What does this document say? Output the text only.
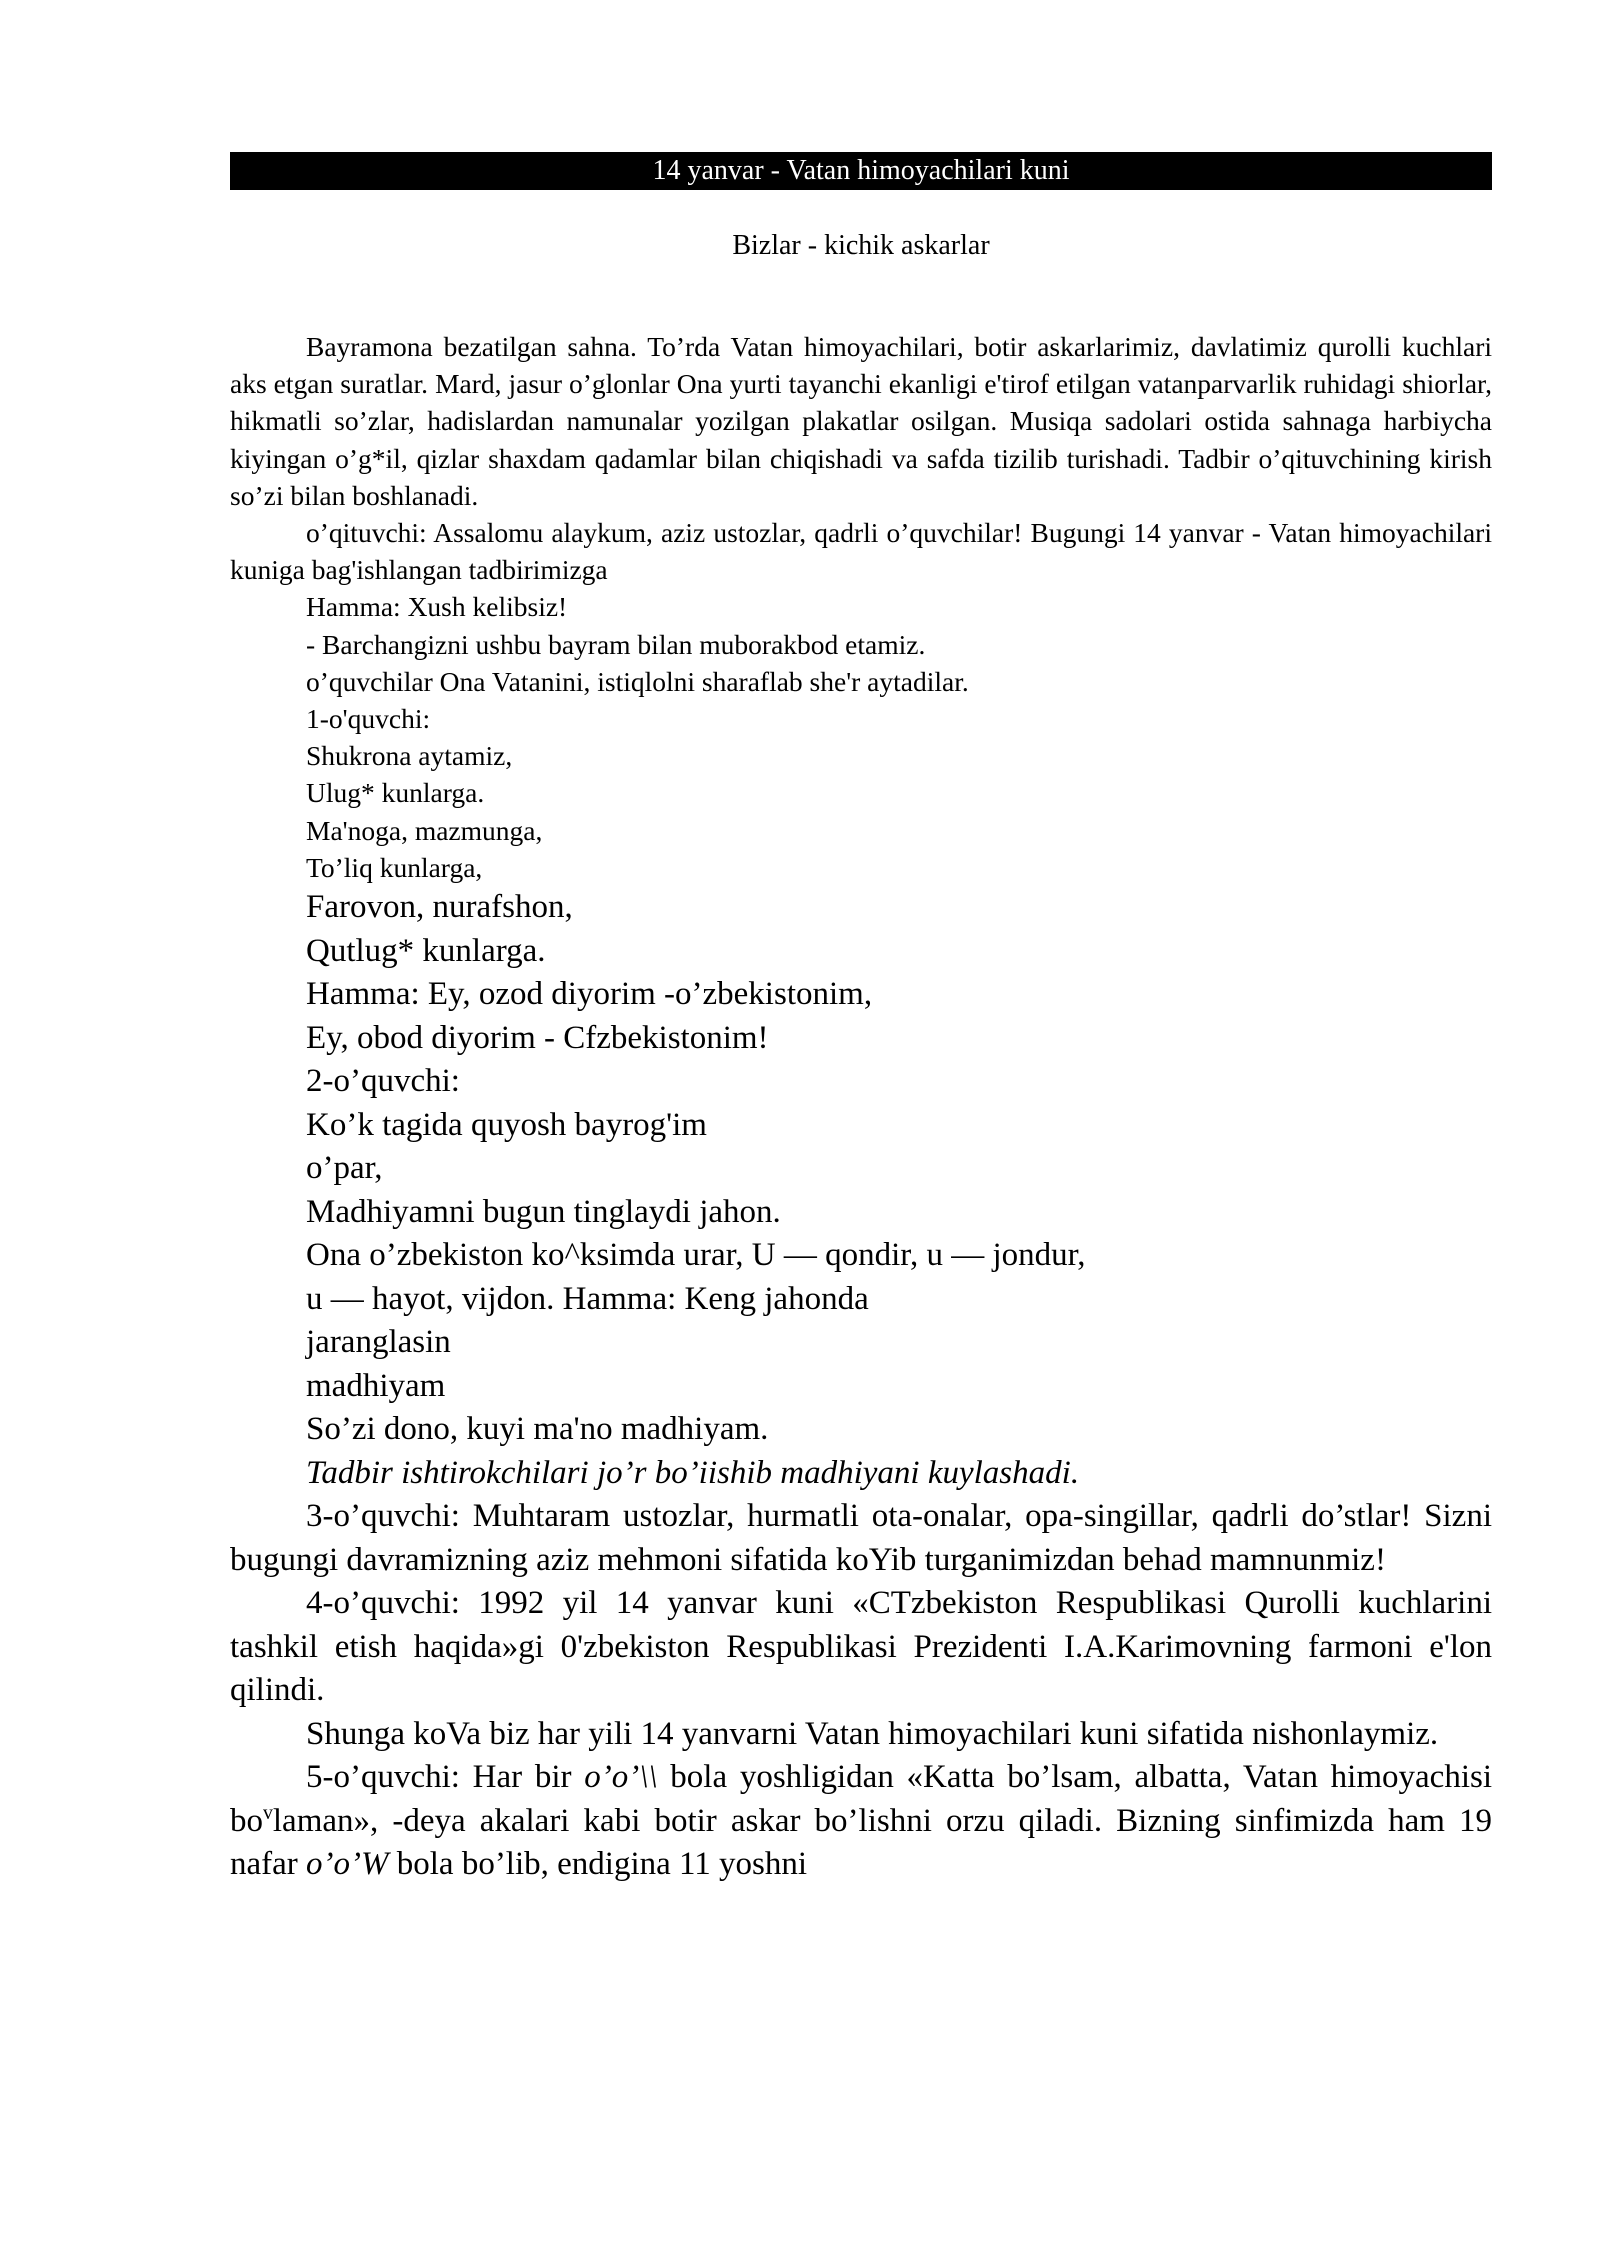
14 yanvar - Vatan himoyachilari kuni
Bizlar - kichik askarlar

Bayramona bezatilgan sahna. To’rda Vatan himoyachilari, botir askarlarimiz, davlatimiz qurolli kuchlari aks etgan suratlar. Mard, jasur o’glonlar Ona yurti tayanchi ekanligi e'tirof etilgan vatanparvarlik ruhidagi shiorlar, hikmatli so’zlar, hadislardan namunalar yozilgan plakatlar osilgan. Musiqa sadolari ostida sahnaga harbiycha kiyingan o’g*il, qizlar shaxdam qadamlar bilan chiqishadi va safda tizilib turishadi. Tadbir o’qituvchining kirish so’zi bilan boshlanadi.

o’qituvchi: Assalomu alaykum, aziz ustozlar, qadrli o’quvchilar! Bugungi 14 yanvar - Vatan himoyachilari kuniga bag'ishlangan tadbirimizga

Hamma: Xush kelibsiz!

- Barchangizni ushbu bayram bilan muborakbod etamiz.

o’quvchilar Ona Vatanini, istiqlolni sharaflab she'r aytadilar.

1-o'quvchi:

Shukrona aytamiz,

Ulug* kunlarga.

Ma'noga, mazmunga,

To’liq kunlarga,

Farovon, nurafshon,

Qutlug* kunlarga.

Hamma: Ey, ozod diyorim -o’zbekistonim,

Ey, obod diyorim - Cfzbekistonim!

2-o’quvchi:

Ko’k tagida quyosh bayrog'im

o’par,

Madhiyamni bugun tinglaydi jahon.

Ona o’zbekiston ko^ksimda urar, U — qondir, u — jondur,

u — hayot, vijdon. Hamma: Keng jahonda

jaranglasin

madhiyam

So’zi dono, kuyi ma'no madhiyam.

Tadbir ishtirokchilari jo’r bo’iishib madhiyani kuylashadi.

3-o’quvchi: Muhtaram ustozlar, hurmatli ota-onalar, opa-singillar, qadrli do’stlar! Sizni bugungi davramizning aziz mehmoni sifatida koYib turganimizdan behad mamnunmiz!

4-o’quvchi: 1992 yil 14 yanvar kuni «CTzbekiston Respublikasi Qurolli kuchlarini tashkil etish haqida»gi 0'zbekiston Respublikasi Prezidenti I.A.Karimovning farmoni e'lon qilindi.

Shunga koVa biz har yili 14 yanvarni Vatan himoyachilari kuni sifatida nishonlaymiz.

5-o’quvchi: Har bir o’o’\\ bola yoshligidan «Katta bo’lsam, albatta, Vatan himoyachisi $bo^vlaman$», -deya akalari kabi botir askar bo’lishni orzu qiladi. Bizning sinfimizda ham 19 nafar o’o’W bola bo’lib, endigina 11 yoshni
